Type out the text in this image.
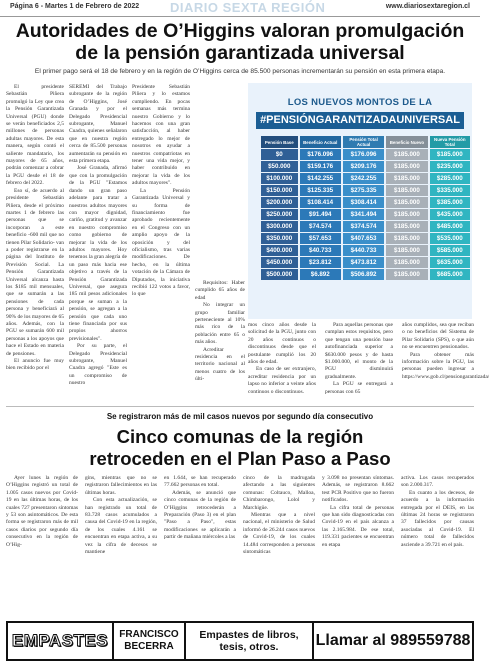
Página 6 - Martes 1 de Febrero de 2022 DIARIO SEXTA REGIÓN	www.diariosextaregion.cl
Autoridades de O’Higgins valoran promulgación
de la pensión garantizada universal
El primer pago será el 18 de febrero y en la región de O’Higgins cerca de 85.500 personas incrementarán su pensión en esta primera etapa.

El presidente Sebastián Piñera promulgó la Ley que crea la Pensión Garantizada Universal (PGU) donde se verán beneficiados 2,5 millones de personas adultas mayores. De esta manera, según contó el saliente mandatario, los mayores de 65 años, podrán comenzar a cobrar la PGU desde el 18 de febrero del 2022.

Eso sí, de acuerdo al presidente Sebastián Piñera, desde el próximo martes 1 de febrero las personas que se incorporan a este beneficio -600 mil que no tienen Pilar Solidario- van a poder registrarse en la página del Instituto de Previsión Social. La Pensión Garantizada Universal alcanza hasta los $185 mil mensuales, que se sumarán a las pensiones de cada persona y beneficiará al 90% de los mayores de 65 años. Además, con la PGU se sumarán 600 mil personas a los apoyos que hace el Estado en materia de pensiones.

El anuncio fue muy bien recibido por el

SEREMI del Trabajo subrogante de la región de O’Higgins, José Granada y por el Delegado Presidencial subrogante, Manuel Cuadra, quienes señalaron que en nuestra región cerca de 85.500 personas aumentarán su pensión en esta primera etapa.

José Granada, afirmó que con la promulgación de la PGU "Estamos dando un gran paso adelante para tratar a nuestros adultos mayores con mayor dignidad, cariño, gratitud y avanzar en nuestro compromiso como gobierno de mejorar la vida de los adultos mayores. Hoy tenemos la gran alegría de un paso más hacia ese objetivo a través de la Pensión Garantizada Universal, que asegura 185 mil pesos adicionales porque se suman a la pensión, se agregan a la pensión que cada uno tiene financiada por sus propios ahorros previsionales".

Por su parte, el Delegado Presidencial subrogante, Manuel Cuadra agregó "Este es un compromiso de nuestro

Presidente Sebastián Piñera y lo estamos cumpliendo. En pocas semanas más termina nuestro Gobierno y lo hacemos con una gran satisfacción, al haber entregado lo mejor de nosotros en ayudar a nuestros compatriotas en tener una vida mejor, y haber contribuido en mejorar la vida de los adultos mayores".

La Pensión Garantizada Universal y su forma de financiamiento fue aprobado recientemente en el Congreso con un amplio apoyo de la oposición y del oficialismo, tras varias modificaciones. De hecho, en la última votación de la Cámara de Diputados, la iniciativa recibió 122 votos a favor, lo que

Requisitos: Haber cumplido 65 años de edad

No integrar un grupo familiar perteneciente al 10% más rico de la población entre 65 o más años.

Acreditar residencia en el territorio nacional al menos cuatro de los últi-

mos cinco años desde la solicitud de la PGU, junto con 20 años continuos o discontinuos desde que el postulante cumplió los 20 años de edad.

En caso de ser extranjero, acreditar residencia por un lapso no inferior a veinte años continuos o discontinuos.

Para aquellas personas que cumplan estos requisitos, pero que tengan una pensión base autofinanciada superior a $630.000 pesos y de hasta $1.000.000, el monto de la PGU disminuirá gradualmente.

La PGU se entregará a personas con 65

años cumplidos, sea que reciban o no beneficios del Sistema de Pilar Solidario (SPS), o que aún no se encuentren pensionados.

Para obtener más información sobre la PGU, las personas pueden ingresar a https://www.gob.cl/pensiongarantizada/

LOS NUEVOS MONTOS DE LA
#PENSIÓNGARANTIZADAUNIVERSAL
Pensión Base	Beneficio Actual	Pensión Total Actual	Beneficio Nuevo	Nueva Pensión Total
$0	$176.096	$176.096	$185.000	$185.000
$50.000	$159.176	$209.176	$185.000	$235.000
$100.000	$142.255	$242.255	$185.000	$285.000
$150.000	$125.335	$275.335	$185.000	$335.000
$200.000	$108.414	$308.414	$185.000	$385.000
$250.000	$91.494	$341.494	$185.000	$435.000
$300.000	$74.574	$374.574	$185.000	$485.000
$350.000	$57.653	$407.653	$185.000	$535.000
$400.000	$40.733	$440.733	$185.000	$585.000
$450.000	$23.812	$473.812	$185.000	$635.000
$500.000	$6.892	$506.892	$185.000	$685.000
Se registraron más de mil casos nuevos por segundo día consecutivo
Cinco comunas de la región
retroceden en el Plan Paso a Paso

Ayer lunes la región de O’Higgins registró un total de 1.005 casos nuevos por Covid-19 en las últimas horas, de los cuales 727 presentaron síntomas y 53 son asintomáticos. De esta forma se registraron más de mil casos diarios por segundo día consecutivo en la región de O’Hig-

gins, mientras que no se registraron fallecimientos en las últimas horas.

Con esta actualización, se han registrado un total de 83.728 casos acumulados a causa del Covid-19 en la región, de los cuales 4.161 se encuentran en etapa activa, a su vez la cifra de decesos se mantiene

en 1.644, se han recuperado 77.662 personas en total.

Además, se anunció que cinco comunas de la región de O’Higgins retrocederán a Preparación (Paso 3) en el plan "Paso a Paso", estas modificaciones se aplicarán a partir de mañana miércoles a las

cinco de la madrugada afectando a las siguientes comunas: Coltauco, Malloa, Chimbarongo, Lolol y Marchigüe.

Mientras que a nivel nacional, el ministerio de Salud informó de 26.244 casos nuevos de Covid-19, de los cuales 14.484 corresponden a personas sintomáticas

y 3.098 no presentan síntomas. Además, se registraron 8.662 test PCR Positivo que no fueron notificados.

La cifra total de personas que han sido diagnosticadas con Covid-19 en el país alcanza a las 2.165.984. De ese total, 119.331 pacientes se encuentran en etapa

activa. Los casos recuperados son 2.000.317.

En cuanto a los decesos, de acuerdo a la información entregada por el DEIS, en las últimas 24 horas se registraron 37 fallecidos por causas asociadas al Covid-19. El número total de fallecidos asciende a 39.721 en el país.

EMPASTES	FRANCISCO
BECERRA
Empastes de libros,
tesis, otros. Llamar al 989559788
